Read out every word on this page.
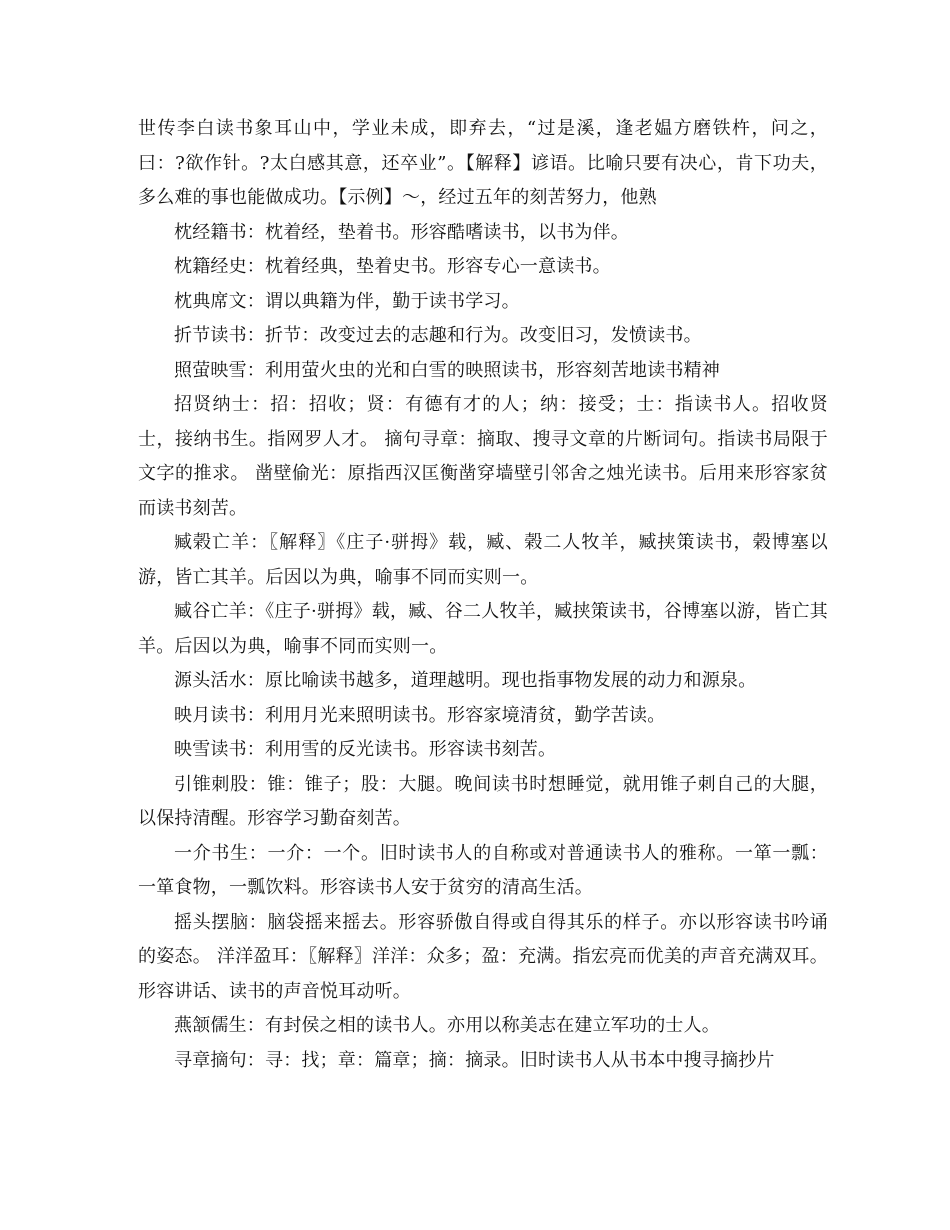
世传李白读书象耳山中，学业未成，即弃去，“过是溪，逢老媪方磨铁杵，问之，曰：?欲作针。?太白感其意，还卒业”。【解释】谚语。比喻只要有决心，肯下功夫，多么难的事也能做成功。【示例】～，经过五年的刻苦努力，他熟

枕经籍书：枕着经，垫着书。形容酷嗜读书，以书为伴。

枕籍经史：枕着经典，垫着史书。形容专心一意读书。

枕典席文：谓以典籍为伴，勤于读书学习。

折节读书：折节：改变过去的志趣和行为。改变旧习，发愤读书。

照萤映雪：利用萤火虫的光和白雪的映照读书，形容刻苦地读书精神

招贤纳士：招：招收；贤：有德有才的人；纳：接受；士：指读书人。招收贤士，接纳书生。指网罗人才。 摘句寻章：摘取、搜寻文章的片断词句。指读书局限于文字的推求。 凿壁偷光：原指西汉匡衡凿穿墙壁引邻舍之烛光读书。后用来形容家贫而读书刻苦。

臧榖亡羊：〖解释〗《庄子·骈拇》载，臧、榖二人牧羊，臧挟策读书，榖博塞以游，皆亡其羊。后因以为典，喻事不同而实则一。

臧谷亡羊：《庄子·骈拇》载，臧、谷二人牧羊，臧挟策读书，谷博塞以游，皆亡其羊。后因以为典，喻事不同而实则一。

源头活水：原比喻读书越多，道理越明。现也指事物发展的动力和源泉。

映月读书：利用月光来照明读书。形容家境清贫，勤学苦读。

映雪读书：利用雪的反光读书。形容读书刻苦。

引锥刺股：锥：锥子；股：大腿。晚间读书时想睡觉，就用锥子刺自己的大腿，以保持清醒。形容学习勤奋刻苦。

一介书生：一介：一个。旧时读书人的自称或对普通读书人的雅称。一箪一瓢：一箪食物，一瓢饮料。形容读书人安于贫穷的清高生活。

摇头摆脑：脑袋摇来摇去。形容骄傲自得或自得其乐的样子。亦以形容读书吟诵的姿态。 洋洋盈耳：〖解释〗洋洋：众多；盈：充满。指宏亮而优美的声音充满双耳。形容讲话、读书的声音悦耳动听。

燕颔儒生：有封侯之相的读书人。亦用以称美志在建立军功的士人。

寻章摘句：寻：找；章：篇章；摘：摘录。旧时读书人从书本中搜寻摘抄片
